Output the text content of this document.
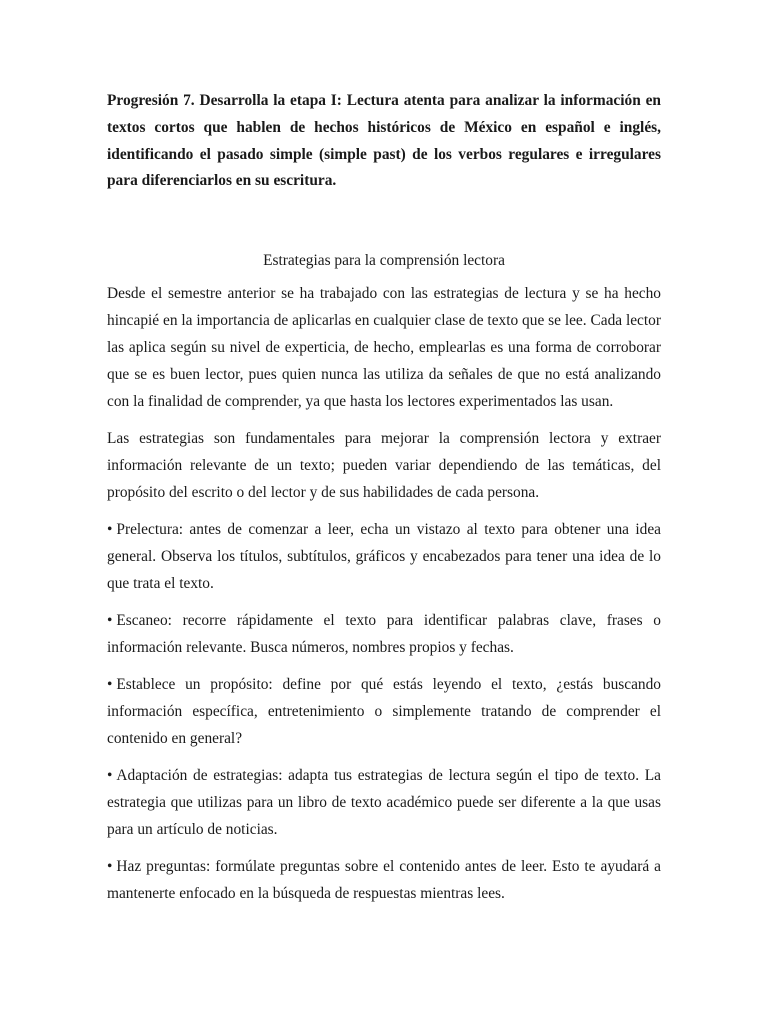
Progresión 7. Desarrolla la etapa I: Lectura atenta para analizar la información en textos cortos que hablen de hechos históricos de México en español e inglés, identificando el pasado simple (simple past) de los verbos regulares e irregulares para diferenciarlos en su escritura.

Estrategias para la comprensión lectora

Desde el semestre anterior se ha trabajado con las estrategias de lectura y se ha hecho hincapié en la importancia de aplicarlas en cualquier clase de texto que se lee. Cada lector las aplica según su nivel de experticia, de hecho, emplearlas es una forma de corroborar que se es buen lector, pues quien nunca las utiliza da señales de que no está analizando con la finalidad de comprender, ya que hasta los lectores experimentados las usan.

Las estrategias son fundamentales para mejorar la comprensión lectora y extraer información relevante de un texto; pueden variar dependiendo de las temáticas, del propósito del escrito o del lector y de sus habilidades de cada persona.

• Prelectura: antes de comenzar a leer, echa un vistazo al texto para obtener una idea general. Observa los títulos, subtítulos, gráficos y encabezados para tener una idea de lo que trata el texto.
• Escaneo: recorre rápidamente el texto para identificar palabras clave, frases o información relevante. Busca números, nombres propios y fechas.
• Establece un propósito: define por qué estás leyendo el texto, ¿estás buscando información específica, entretenimiento o simplemente tratando de comprender el contenido en general?
• Adaptación de estrategias: adapta tus estrategias de lectura según el tipo de texto. La estrategia que utilizas para un libro de texto académico puede ser diferente a la que usas para un artículo de noticias.
• Haz preguntas: formúlate preguntas sobre el contenido antes de leer. Esto te ayudará a mantenerte enfocado en la búsqueda de respuestas mientras lees.
